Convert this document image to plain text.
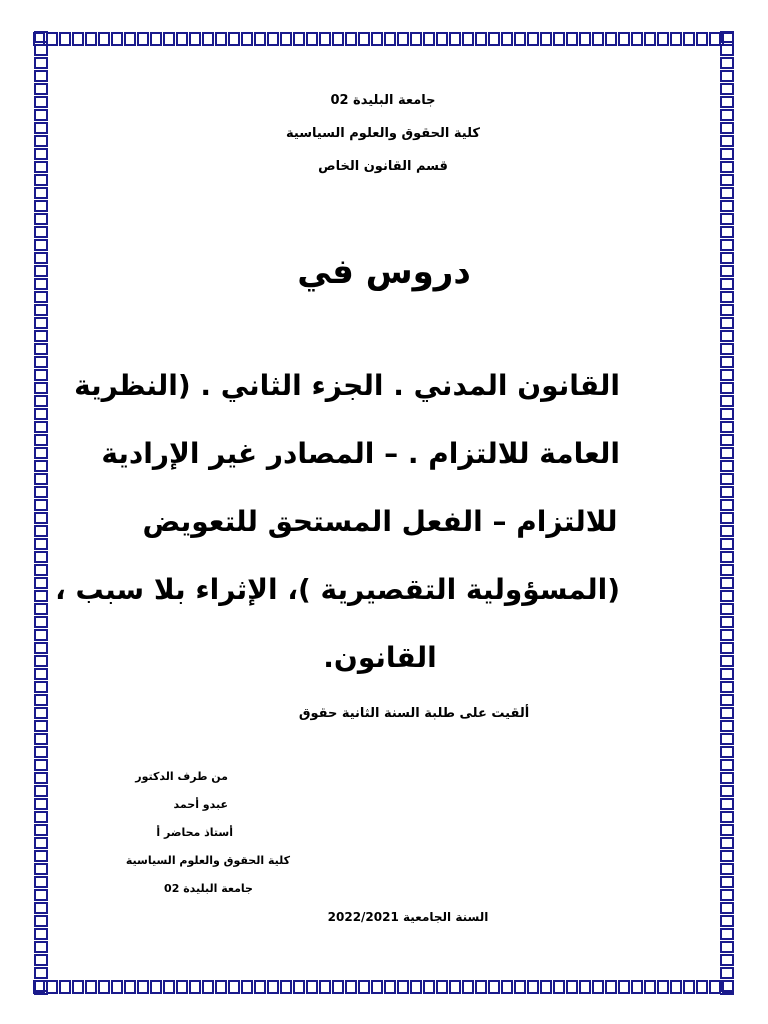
جامعة البليدة 02
كلية الحقوق والعلوم السياسية
قسم القانون الخاص
دروس في
القانون المدني . الجزء الثاني . (النظرية
العامة للالتزام . – المصادر غير الإرادية
للالتزام – الفعل المستحق للتعويض
(المسؤولية التقصيرية )، الإثراء بلا سبب ،
القانون.
ألقيت على طلبة السنة الثانية حقوق
من طرف الدكتور
عبدو أحمد
أستاذ محاضر أ
كلية الحقوق والعلوم السياسية
جامعة البليدة 02
السنة الجامعية 2022/2021
